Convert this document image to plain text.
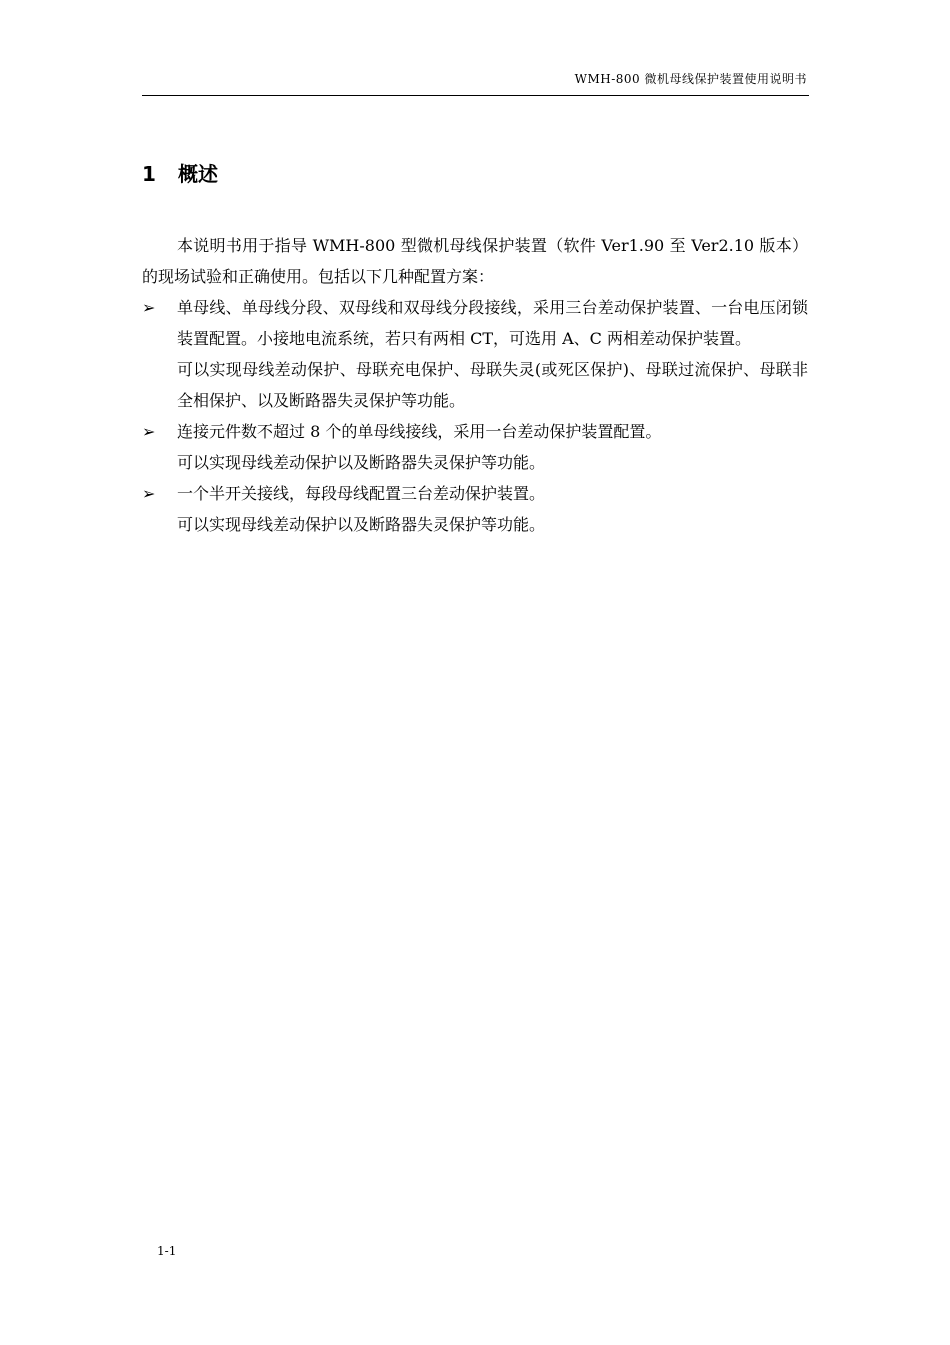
WMH-800 微机母线保护装置使用说明书
1 概述

本说明书用于指导 WMH-800 型微机母线保护装置（软件 Ver1.90 至 Ver2.10 版本）的现场试验和正确使用。包括以下几种配置方案：

➢	单母线、单母线分段、双母线和双母线分段接线，采用三台差动保护装置、一台电压闭锁装置配置。小接地电流系统，若只有两相 CT，可选用 A、C 两相差动保护装置。

可以实现母线差动保护、母联充电保护、母联失灵(或死区保护)、母联过流保护、母联非全相保护、以及断路器失灵保护等功能。

➢	连接元件数不超过 8 个的单母线接线，采用一台差动保护装置配置。

可以实现母线差动保护以及断路器失灵保护等功能。

➢	一个半开关接线，每段母线配置三台差动保护装置。

可以实现母线差动保护以及断路器失灵保护等功能。

1-1
